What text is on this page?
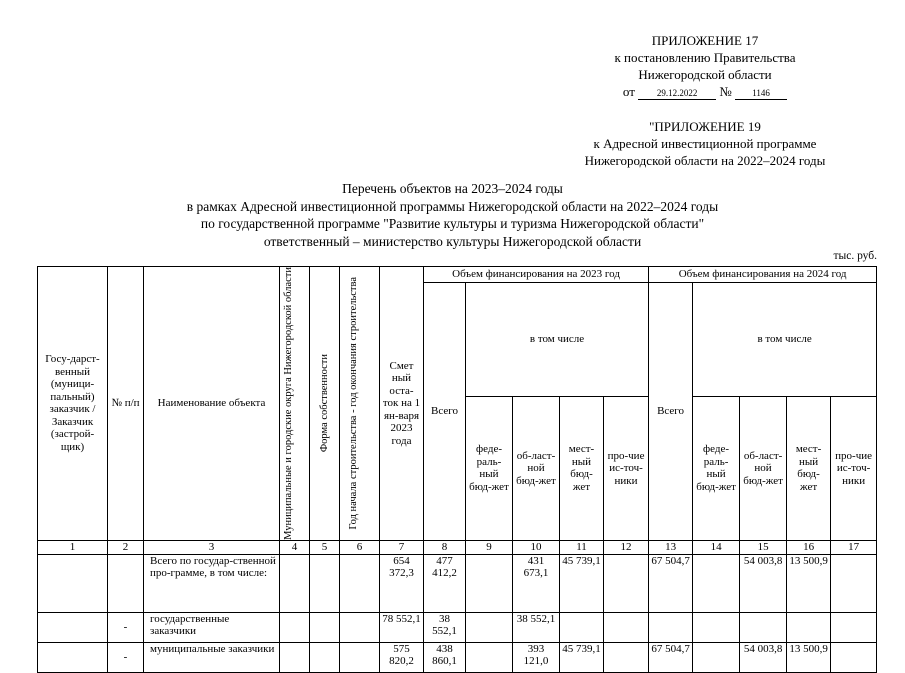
ПРИЛОЖЕНИЕ 17
к постановлению Правительства
Нижегородской области
от 29.12.2022 № 1146
"ПРИЛОЖЕНИЕ 19
к Адресной инвестиционной программе
Нижегородской области на 2022–2024 годы
Перечень объектов на 2023–2024 годы
в рамках Адресной инвестиционной программы Нижегородской области на 2022–2024 годы
по государственной программе "Развитие культуры и туризма Нижегородской области"
ответственный – министерство культуры Нижегородской области
тыс. руб.
Госу-дарст-венный (муници-пальный) заказчик / Заказчик (застрой-щик)	№ п/п	Наименование объекта	Муниципальные и городские округа Нижегородской области	Форма собственности	Год начала строительства - год окончания строительства	Смет ный оста-ток на 1 ян-варя 2023 года	Объем финансирования на 2023 год					Объем финансирования на 2024 год				
							Всего	в том числе				Всего	в том числе			
								феде-раль-ный бюд-жет	об-ласт-ной бюд-жет	мест-ный бюд-жет	про-чие ис-точ-ники		феде-раль-ный бюд-жет	об-ласт-ной бюд-жет	мест-ный бюд-жет	про-чие ис-точ-ники
1	2	3	4	5	6	7	8	9	10	11	12	13	14	15	16	17
		Всего по государ-ственной про-грамме, в том числе:				654 372,3	477 412,2		431 673,1	45 739,1		67 504,7		54 003,8	13 500,9	
	-	государственные заказчики				78 552,1	38 552,1		38 552,1							
	-	муниципальные заказчики				575 820,2	438 860,1		393 121,0	45 739,1		67 504,7		54 003,8	13 500,9	
